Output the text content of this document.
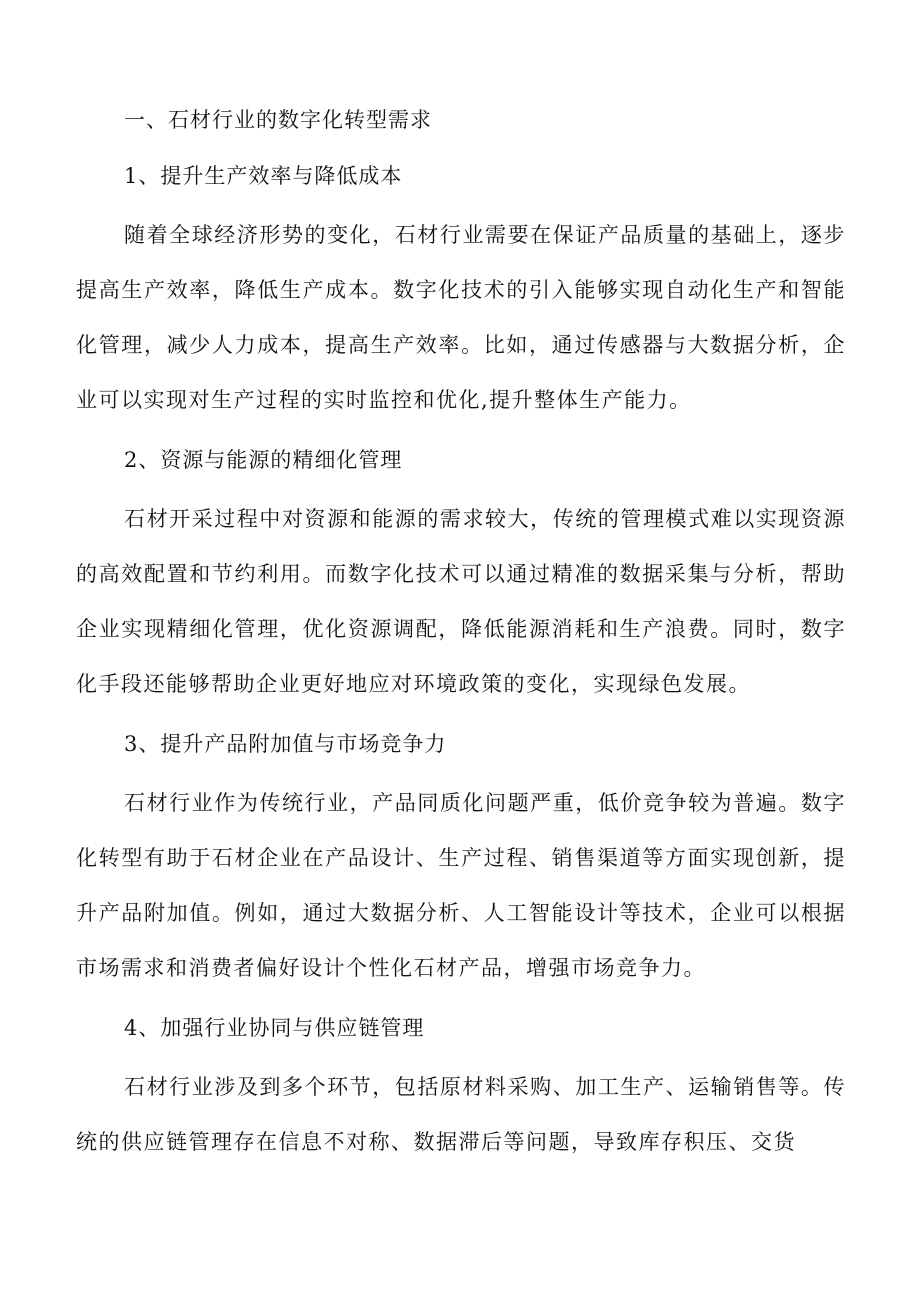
一、石材行业的数字化转型需求
1、提升生产效率与降低成本

随着全球经济形势的变化，石材行业需要在保证产品质量的基础上，逐步提高生产效率，降低生产成本。数字化技术的引入能够实现自动化生产和智能化管理，减少人力成本，提高生产效率。比如，通过传感器与大数据分析，企业可以实现对生产过程的实时监控和优化,提升整体生产能力。

2、资源与能源的精细化管理

石材开采过程中对资源和能源的需求较大，传统的管理模式难以实现资源的高效配置和节约利用。而数字化技术可以通过精准的数据采集与分析，帮助企业实现精细化管理，优化资源调配，降低能源消耗和生产浪费。同时，数字化手段还能够帮助企业更好地应对环境政策的变化，实现绿色发展。

3、提升产品附加值与市场竞争力

石材行业作为传统行业，产品同质化问题严重，低价竞争较为普遍。数字化转型有助于石材企业在产品设计、生产过程、销售渠道等方面实现创新，提升产品附加值。例如，通过大数据分析、人工智能设计等技术，企业可以根据市场需求和消费者偏好设计个性化石材产品，增强市场竞争力。

4、加强行业协同与供应链管理

石材行业涉及到多个环节，包括原材料采购、加工生产、运输销售等。传统的供应链管理存在信息不对称、数据滞后等问题，导致库存积压、交货
